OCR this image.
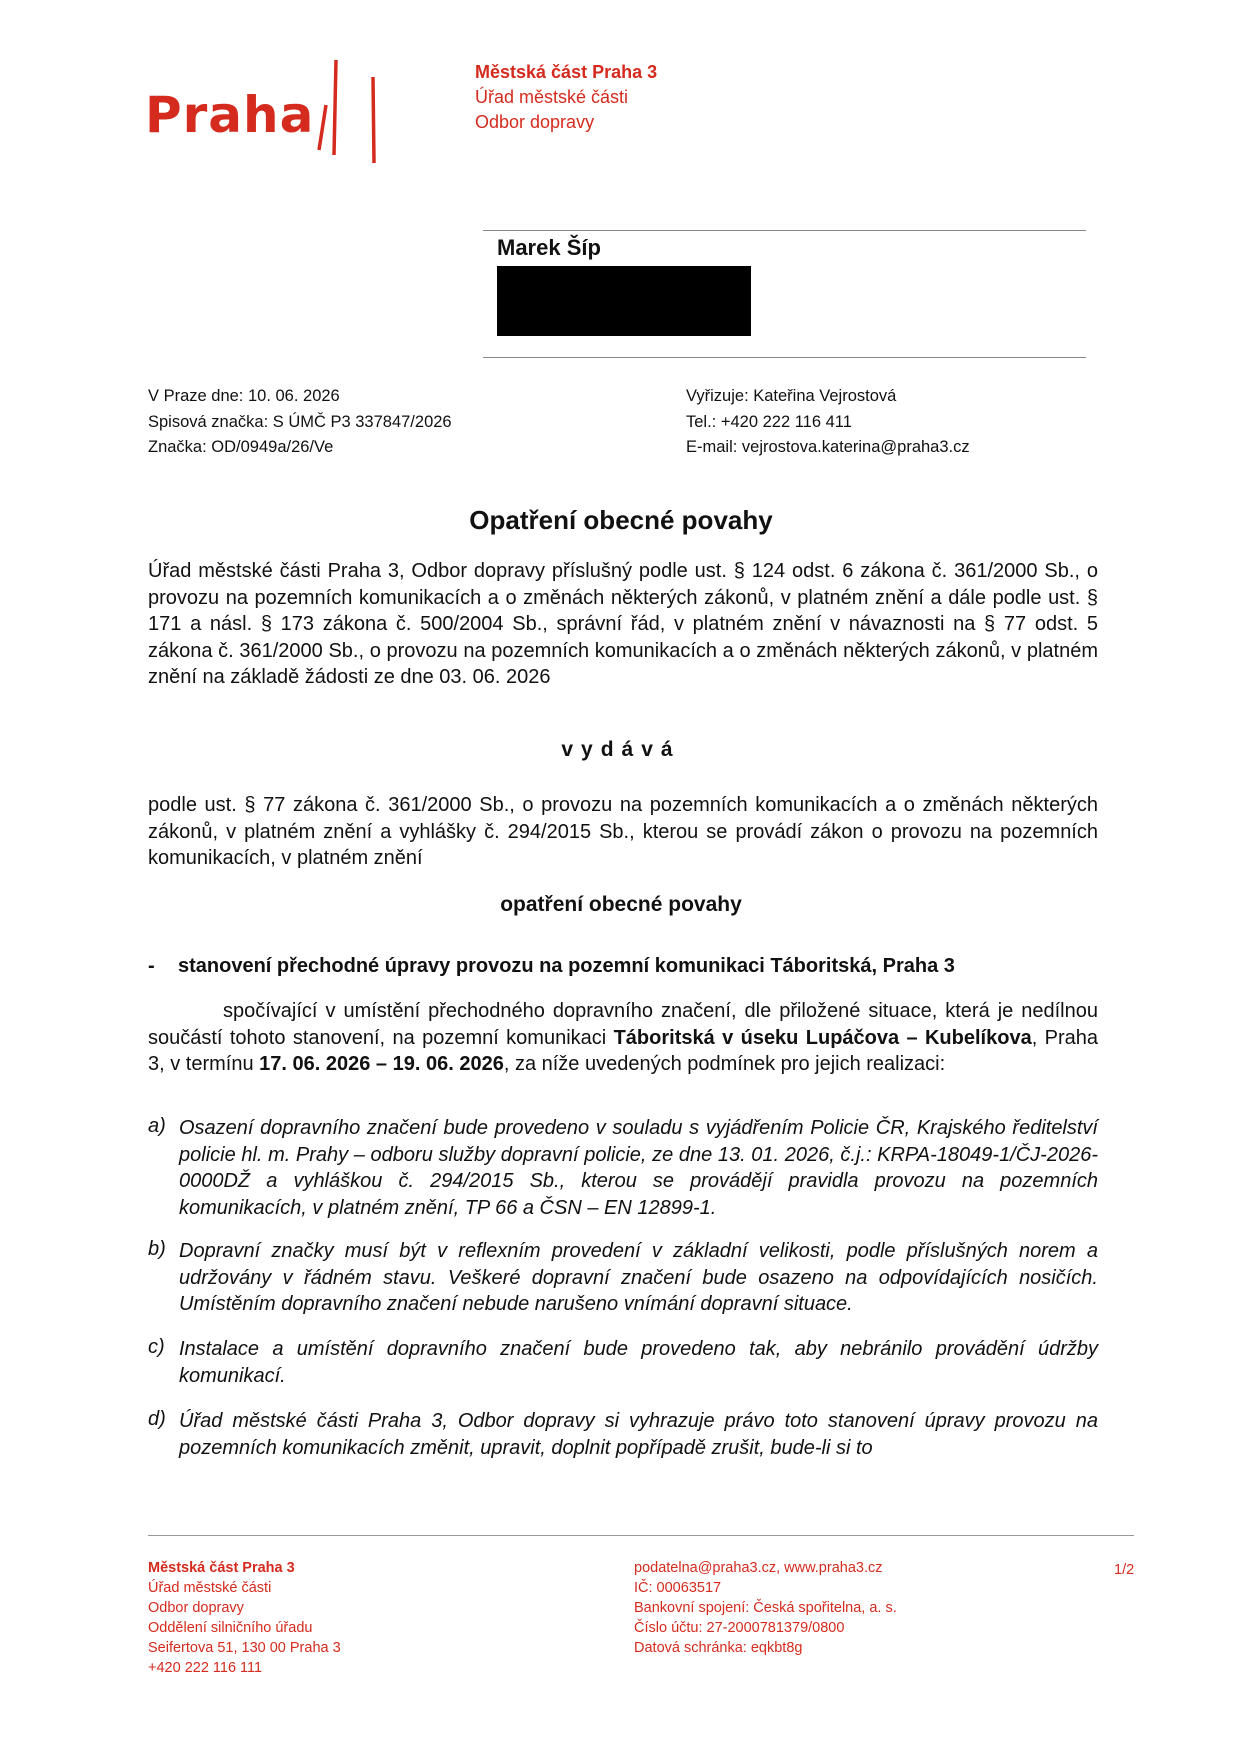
Praha
Městská část Praha 3
Úřad městské části
Odbor dopravy
Marek Šíp
V Praze dne: 10. 06. 2026
Spisová značka: S ÚMČ P3 337847/2026
Značka: OD/0949a/26/Ve
Vyřizuje: Kateřina Vejrostová
Tel.: +420 222 116 411
E-mail: vejrostova.katerina@praha3.cz
Opatření obecné povahy
Úřad městské části Praha 3, Odbor dopravy příslušný podle ust. § 124 odst. 6 zákona č. 361/2000 Sb., o provozu na pozemních komunikacích a o změnách některých zákonů, v platném znění a dále podle ust. § 171 a násl. § 173 zákona č. 500/2004 Sb., správní řád, v platném znění v návaznosti na § 77 odst. 5 zákona č. 361/2000 Sb., o provozu na pozemních komunikacích a o změnách některých zákonů, v platném znění na základě žádosti ze dne 03. 06. 2026
vydává
podle ust. § 77 zákona č. 361/2000 Sb., o provozu na pozemních komunikacích a o změnách některých zákonů, v platném znění a vyhlášky č. 294/2015 Sb., kterou se provádí zákon o provozu na pozemních komunikacích, v platném znění
opatření obecné povahy
- stanovení přechodné úpravy provozu na pozemní komunikaci Táboritská, Praha 3
spočívající v umístění přechodného dopravního značení, dle přiložené situace, která je nedílnou součástí tohoto stanovení, na pozemní komunikaci Táboritská v úseku Lupáčova – Kubelíkova, Praha 3, v termínu 17. 06. 2026 – 19. 06. 2026, za níže uvedených podmínek pro jejich realizaci:
a) Osazení dopravního značení bude provedeno v souladu s vyjádřením Policie ČR, Krajského ředitelství policie hl. m. Prahy – odboru služby dopravní policie, ze dne 13. 01. 2026, č.j.: KRPA-18049-1/ČJ-2026-0000DŽ a vyhláškou č. 294/2015 Sb., kterou se provádějí pravidla provozu na pozemních komunikacích, v platném znění, TP 66 a ČSN – EN 12899-1.
b) Dopravní značky musí být v reflexním provedení v základní velikosti, podle příslušných norem a udržovány v řádném stavu. Veškeré dopravní značení bude osazeno na odpovídajících nosičích. Umístěním dopravního značení nebude narušeno vnímání dopravní situace.
c) Instalace a umístění dopravního značení bude provedeno tak, aby nebránilo provádění údržby komunikací.
d) Úřad městské části Praha 3, Odbor dopravy si vyhrazuje právo toto stanovení úpravy provozu na pozemních komunikacích změnit, upravit, doplnit popřípadě zrušit, bude-li si to
Městská část Praha 3
Úřad městské části
Odbor dopravy
Oddělení silničního úřadu
Seifertova 51, 130 00 Praha 3
+420 222 116 111
podatelna@praha3.cz, www.praha3.cz
IČ: 00063517
Bankovní spojení: Česká spořitelna, a. s.
Číslo účtu: 27-2000781379/0800
Datová schránka: eqkbt8g
1/2
